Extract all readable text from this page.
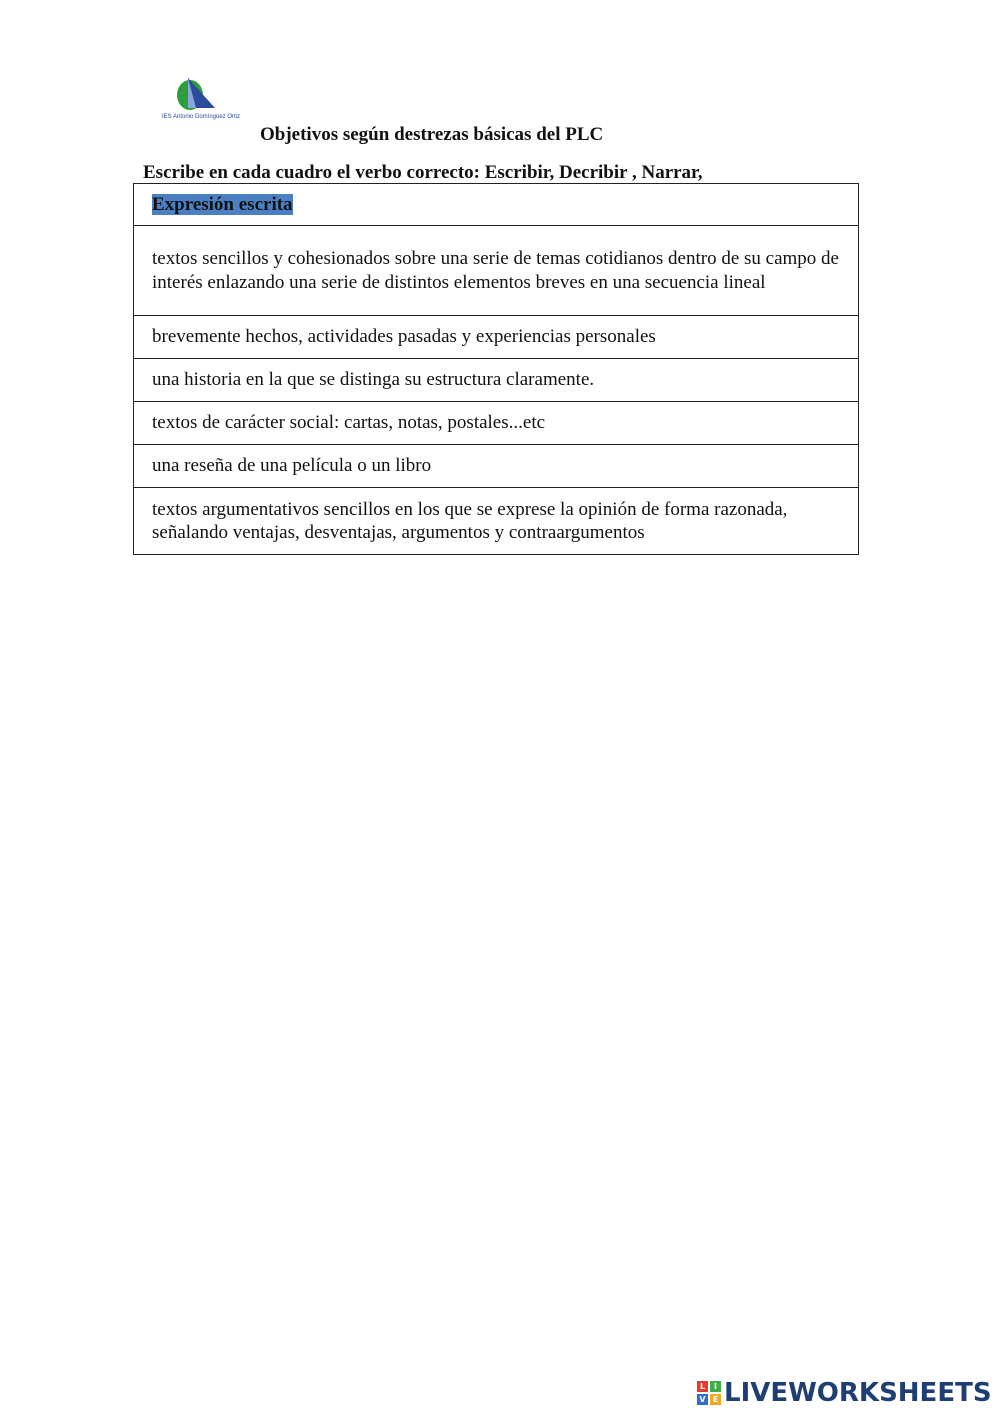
IES Antonio Domínguez Ortiz
Objetivos según destrezas básicas del PLC

Escribe en cada cuadro el verbo correcto: Escribir, Decribir , Narrar,

Expresión escrita
textos sencillos y cohesionados sobre una serie de temas cotidianos dentro de su campo de interés enlazando una serie de distintos elementos breves en una secuencia lineal
brevemente hechos, actividades pasadas y experiencias personales
una historia en la que se distinga su estructura claramente.
textos de carácter social: cartas, notas, postales...etc
una reseña de una película o un libro
textos argumentativos sencillos en los que se exprese la opinión de forma razonada, señalando ventajas, desventajas, argumentos y contraargumentos
L	I
V E LIVEWORKSHEETS
